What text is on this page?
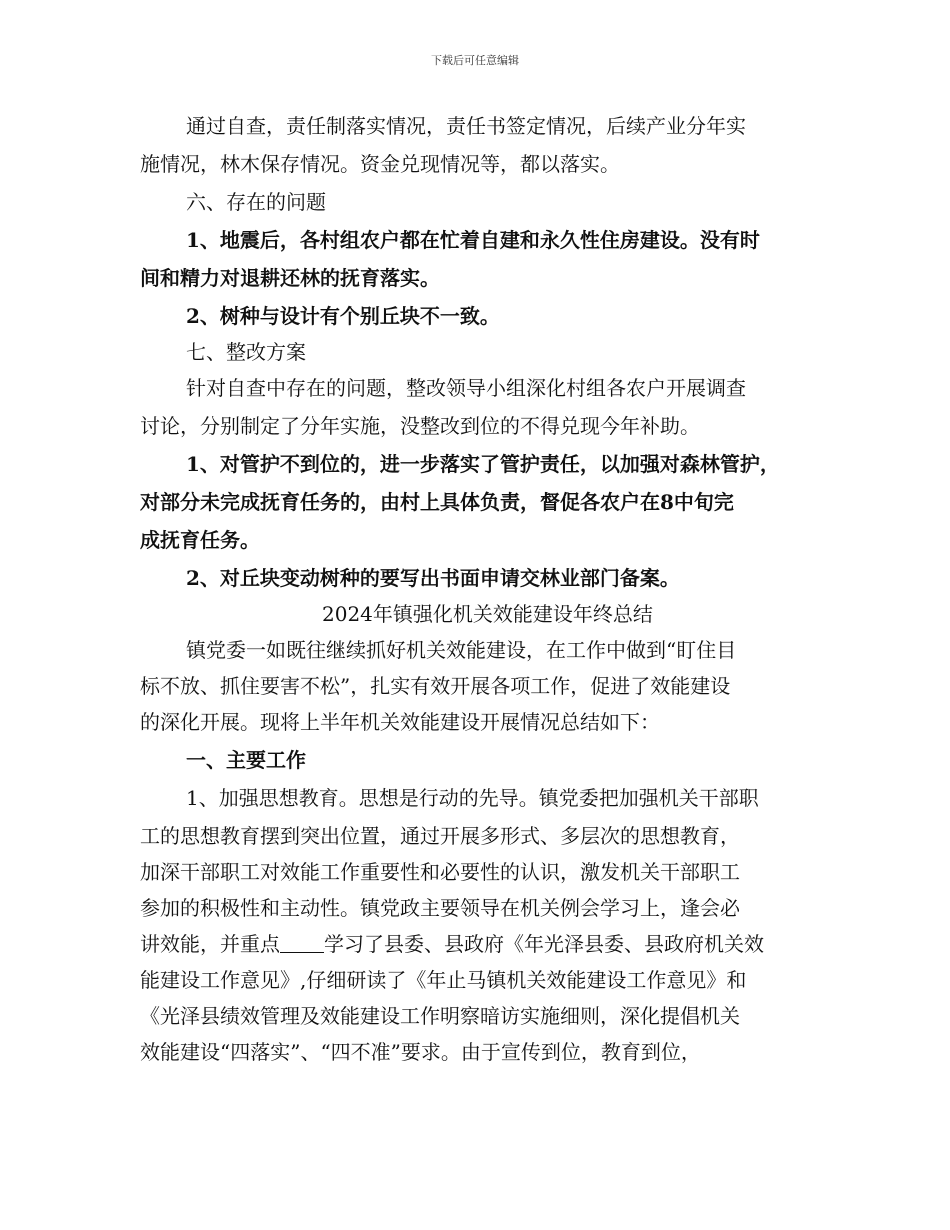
下载后可任意编辑
通过自查，责任制落实情况，责任书签定情况，后续产业分年实
施情况，林木保存情况。资金兑现情况等，都以落实。
六、存在的问题
1、地震后，各村组农户都在忙着自建和永久性住房建设。没有时
间和精力对退耕还林的抚育落实。
2、树种与设计有个别丘块不一致。
七、整改方案
针对自查中存在的问题，整改领导小组深化村组各农户开展调查
讨论，分别制定了分年实施，没整改到位的不得兑现今年补助。
1、对管护不到位的，进一步落实了管护责任，以加强对森林管护，
对部分未完成抚育任务的，由村上具体负责，督促各农户在8中旬完
成抚育任务。
2、对丘块变动树种的要写出书面申请交林业部门备案。
2024年镇强化机关效能建设年终总结
镇党委一如既往继续抓好机关效能建设，在工作中做到“盯住目
标不放、抓住要害不松”，扎实有效开展各项工作，促进了效能建设
的深化开展。现将上半年机关效能建设开展情况总结如下：
一、主要工作
1、加强思想教育。思想是行动的先导。镇党委把加强机关干部职
工的思想教育摆到突出位置，通过开展多形式、多层次的思想教育，
加深干部职工对效能工作重要性和必要性的认识，激发机关干部职工
参加的积极性和主动性。镇党政主要领导在机关例会学习上，逢会必
讲效能，并重点 学习了县委、县政府《年光泽县委、县政府机关效
能建设工作意见》,仔细研读了《年止马镇机关效能建设工作意见》和
《光泽县绩效管理及效能建设工作明察暗访实施细则，深化提倡机关
效能建设“四落实”、“四不准”要求。由于宣传到位，教育到位，
